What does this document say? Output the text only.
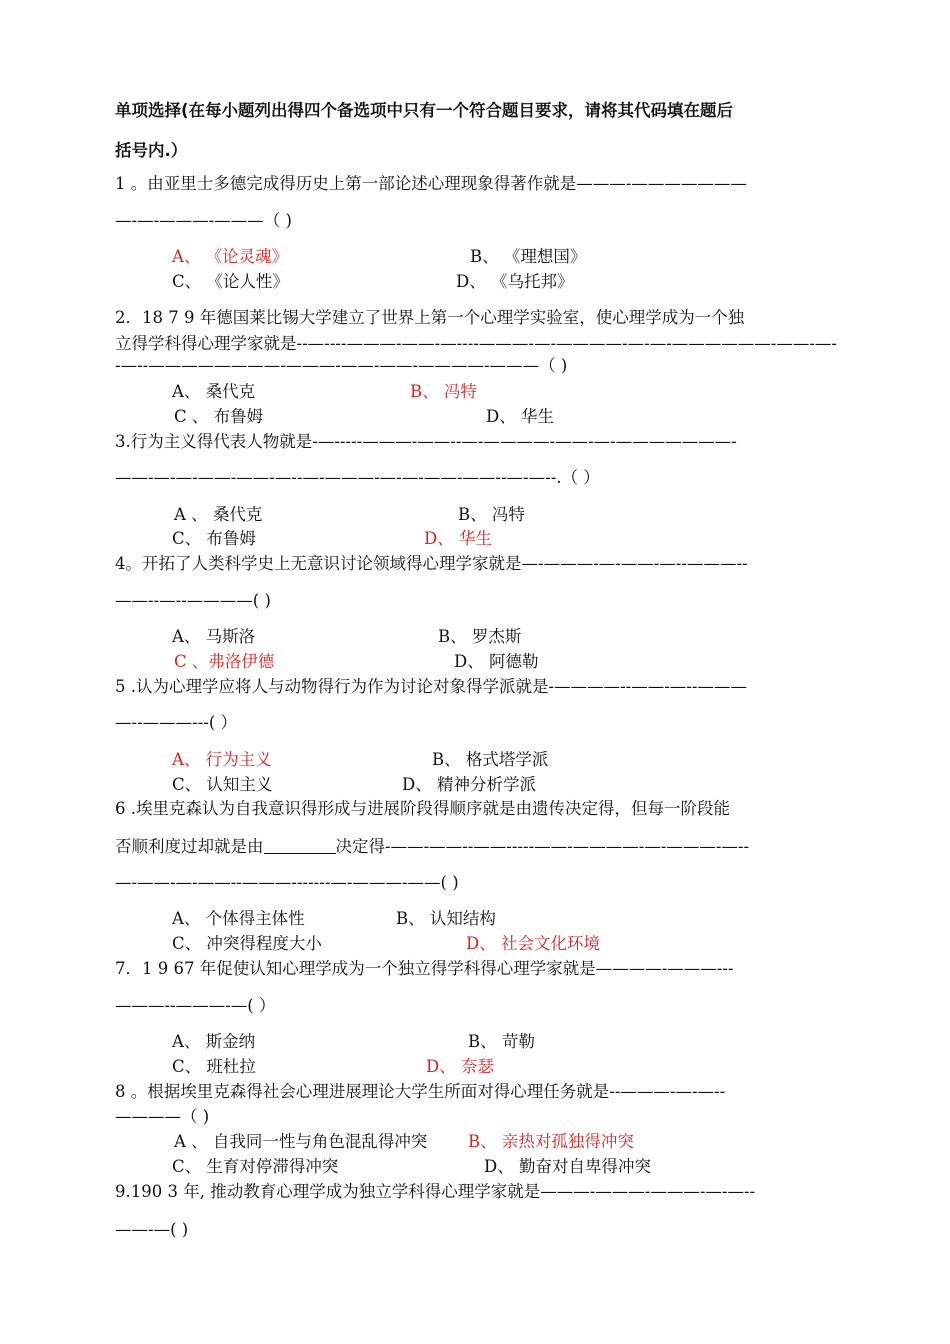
单项选择(在每小题列出得四个备选项中只有一个符合题目要求，请将其代码填在题后
括号内.）
1 。由亚里士多德完成得历史上第一部论述心理现象得著作就是———-———————
—-—-———-———（ )
A、 《论灵魂》	B、 《理想国》
C、 《论人性》	D、 《乌托邦》
2．18 7 9 年德国莱比锡大学建立了世界上第一个心理学实验室，使心理学成为一个独
立得学科得心理学家就是--—----———-——-—----———-—-————-—-—-——————-——-—--—--————————-———-——-——-————-———（ )
A、 桑代克	B、 冯特
C 、 布鲁姆	D、 华生
3.行为主义得代表人物就是-—-----———-——--—-————-——-—-———————-
——-—-—-——-——-—--—-———-—-—-——-——--—-—--.（ ）
A 、 桑代克	B、 冯特
C、 布鲁姆	D、 华生
4。开拓了人类科学史上无意识讨论领域得心理学家就是—-———-—-——-—--———--
——--—--————( )
A、 马斯洛	B、 罗杰斯
C 、弗洛伊德	D、 阿德勒
5 .认为心理学应将人与动物得行为作为讨论对象得学派就是-————--——-—--———
—--———---( ）
A、 行为主义	B、 格式塔学派
C、 认知主义	D、 精神分析学派
6 .埃里克森认为自我意识得形成与进展阶段得顺序就是由遗传决定得，但每一阶段能
否顺利度过却就是由	决定得-——-——--——-----——-————-—-———-—--
—-——-—-——--———-------—-———-——( )
A、 个体得主体性	B、 认知结构
C、 冲突得程度大小	D、 社会文化环境
7．1 9 67 年促使认知心理学成为一个独立得学科得心理学家就是————-———---
———--———-—( ）
A、 斯金纳	B、 苛勒
C、 班杜拉	D、 奈瑟
8 。根据埃里克森得社会心理进展理论大学生所面对得心理任务就是--———-—-—--
————（ )
A 、 自我同一性与角色混乱得冲突 B、 亲热对孤独得冲突
C、 生育对停滞得冲突	D、 勤奋对自卑得冲突
9.190 3 年, 推动教育心理学成为独立学科得心理学家就是———-———-———-—-—--
——-—( )
